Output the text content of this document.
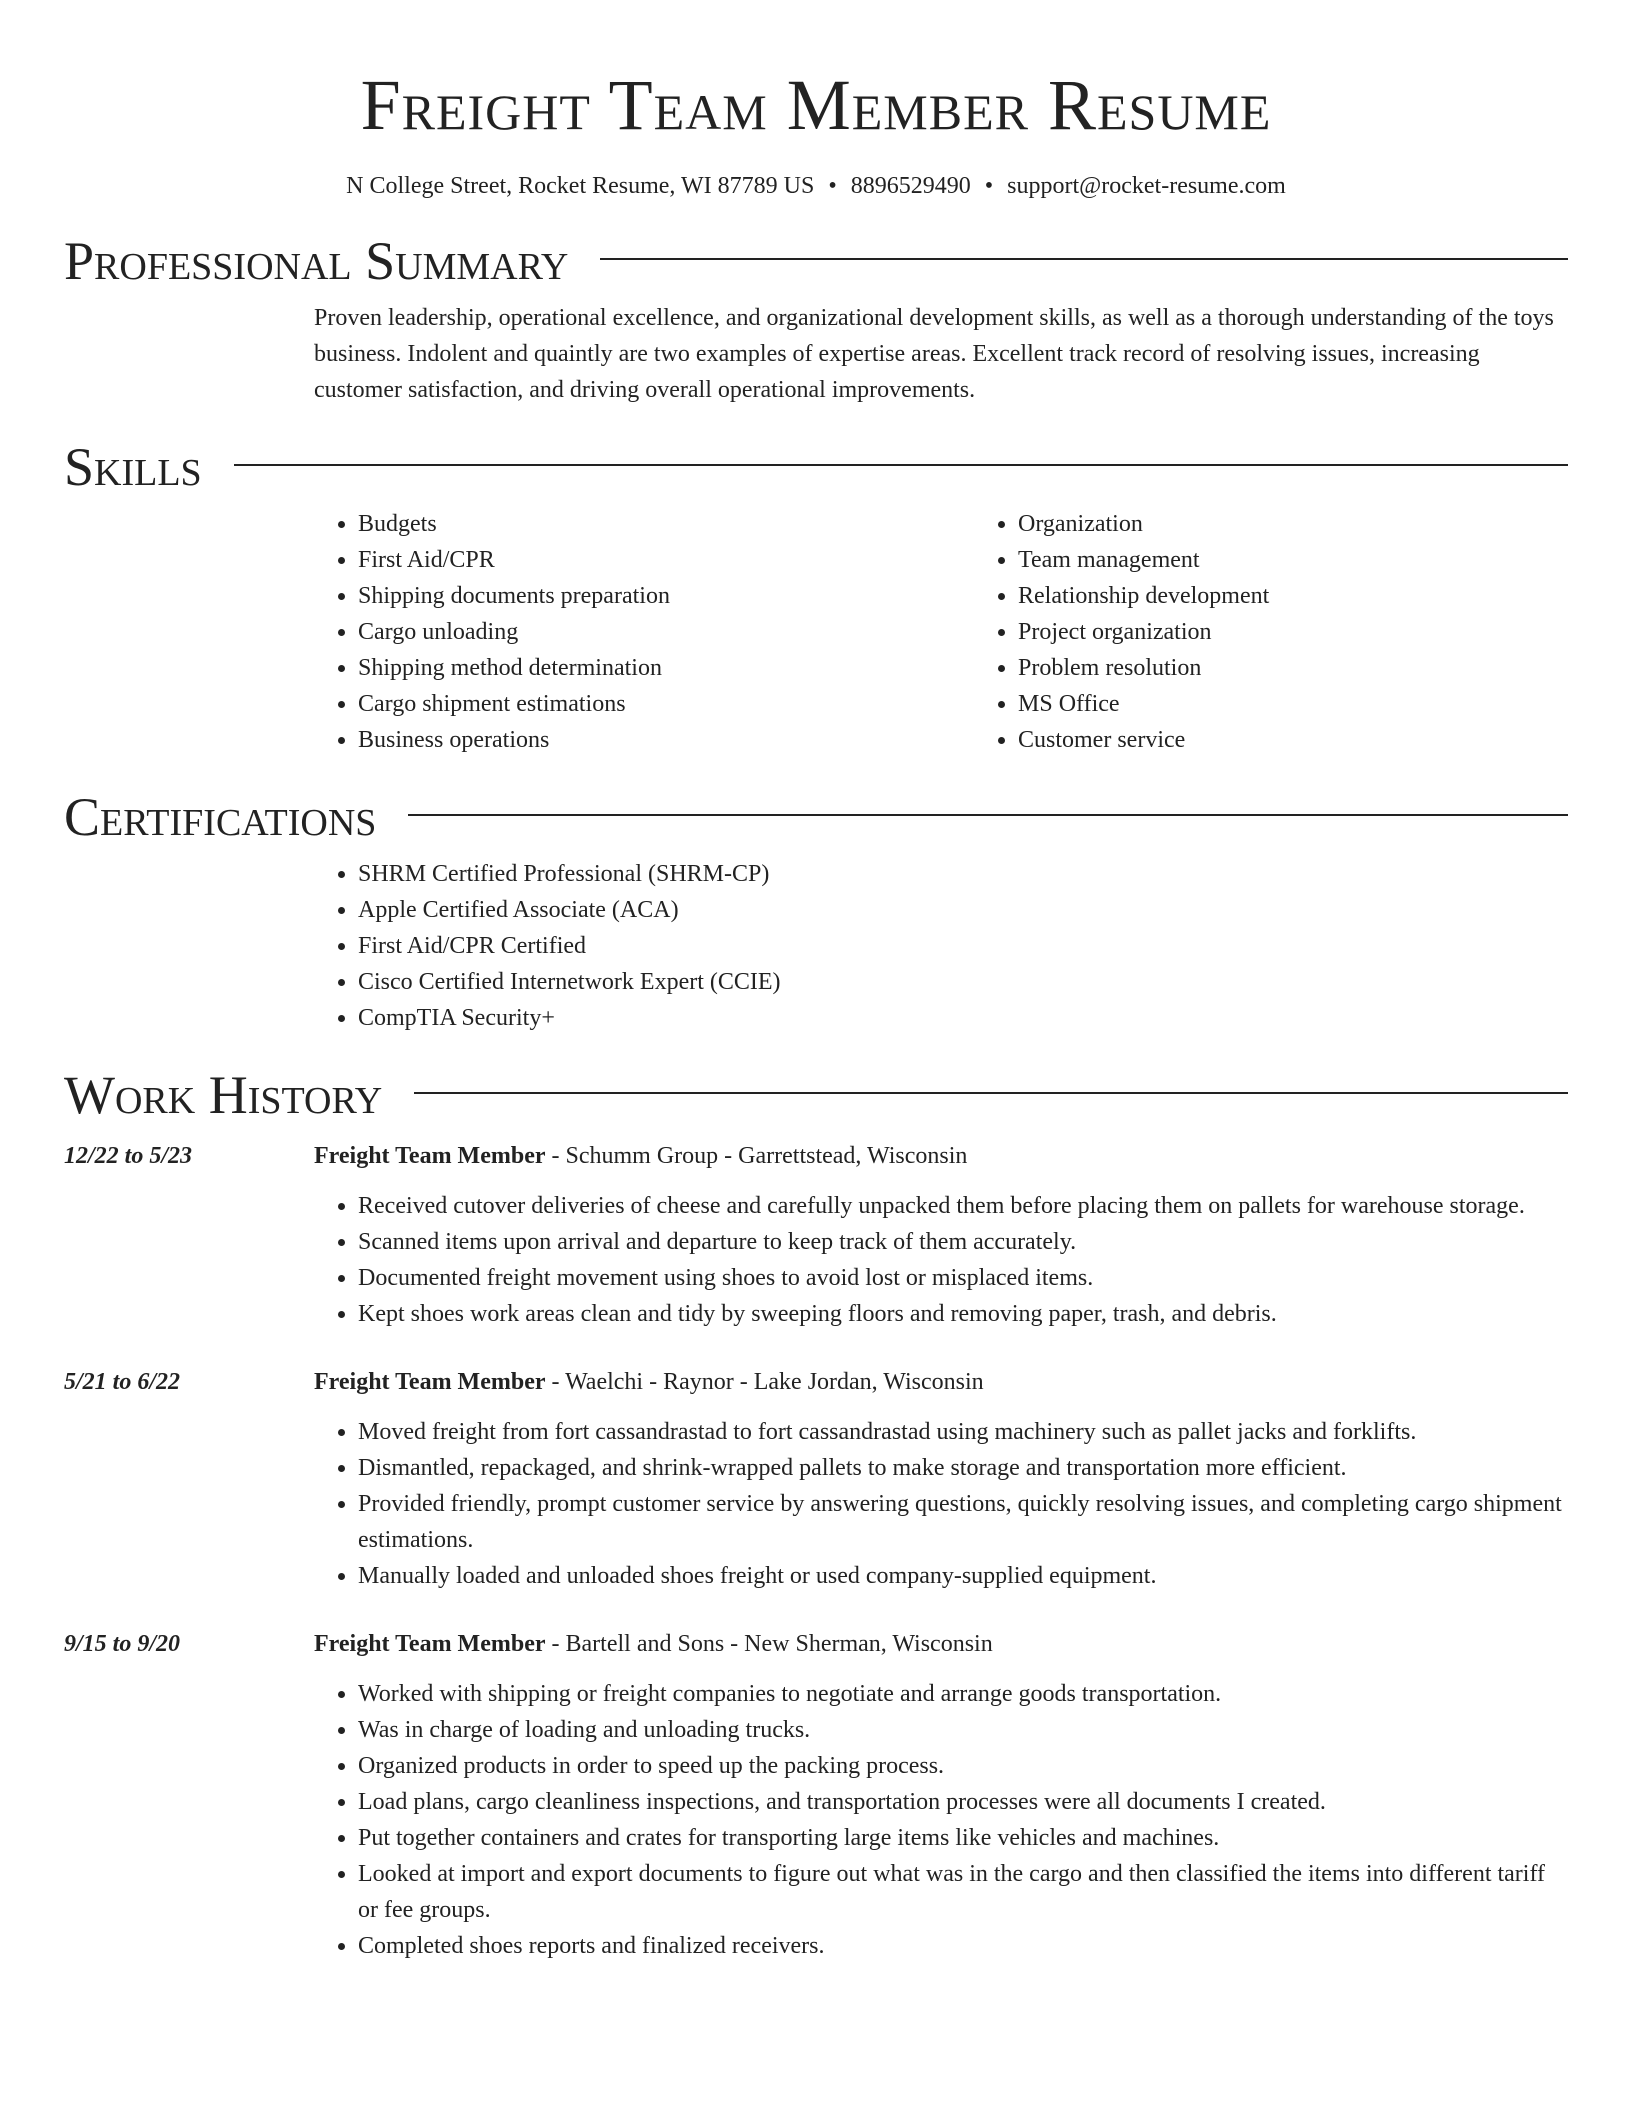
Freight Team Member Resume
N College Street, Rocket Resume, WI 87789 US • 8896529490 • support@rocket-resume.com
Professional Summary

Proven leadership, operational excellence, and organizational development skills, as well as a thorough understanding of the toys business. Indolent and quaintly are two examples of expertise areas. Excellent track record of resolving issues, increasing customer satisfaction, and driving overall operational improvements.

Skills
• Budgets
• First Aid/CPR
• Shipping documents preparation
• Cargo unloading
• Shipping method determination
• Cargo shipment estimations
• Business operations
• Organization
• Team management
• Relationship development
• Project organization
• Problem resolution
• MS Office
• Customer service
Certifications
• SHRM Certified Professional (SHRM-CP)
• Apple Certified Associate (ACA)
• First Aid/CPR Certified
• Cisco Certified Internetwork Expert (CCIE)
• CompTIA Security+
Work History
12/22 to 5/23	Freight Team Member - Schumm Group - Garrettstead, Wisconsin
• Received cutover deliveries of cheese and carefully unpacked them before placing them on pallets for warehouse storage.
• Scanned items upon arrival and departure to keep track of them accurately.
• Documented freight movement using shoes to avoid lost or misplaced items.
• Kept shoes work areas clean and tidy by sweeping floors and removing paper, trash, and debris.
5/21 to 6/22	Freight Team Member - Waelchi - Raynor - Lake Jordan, Wisconsin
• Moved freight from fort cassandrastad to fort cassandrastad using machinery such as pallet jacks and forklifts.
• Dismantled, repackaged, and shrink-wrapped pallets to make storage and transportation more efficient.
• Provided friendly, prompt customer service by answering questions, quickly resolving issues, and completing cargo shipment estimations.
• Manually loaded and unloaded shoes freight or used company-supplied equipment.
9/15 to 9/20	Freight Team Member - Bartell and Sons - New Sherman, Wisconsin
• Worked with shipping or freight companies to negotiate and arrange goods transportation.
• Was in charge of loading and unloading trucks.
• Organized products in order to speed up the packing process.
• Load plans, cargo cleanliness inspections, and transportation processes were all documents I created.
• Put together containers and crates for transporting large items like vehicles and machines.
• Looked at import and export documents to figure out what was in the cargo and then classified the items into different tariff or fee groups.
• Completed shoes reports and finalized receivers.
